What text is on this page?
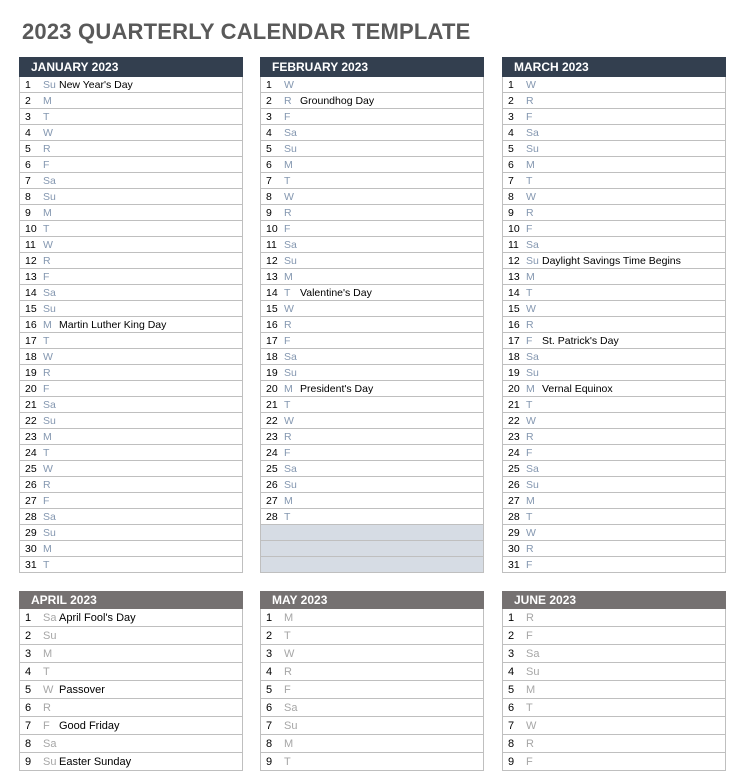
2023 QUARTERLY CALENDAR TEMPLATE
JANUARY 2023
1	Su New Year's Day
2	M
3	T
4	W
5	R
6	F
7	Sa
8	Su
9	M
10 T
11 W
12 R
13 F
14 Sa
15 Su
16 M Martin Luther King Day
17 T
18 W
19 R
20 F
21 Sa
22 Su
23 M
24 T
25 W
26 R
27 F
28 Sa
29 Su
30 M
31 T
FEBRUARY 2023
1	W
2	R Groundhog Day
3	F
4	Sa
5	Su
6	M
7	T
8	W
9	R
10 F
11 Sa
12 Su
13 M
14 T Valentine's Day
15 W
16 R
17 F
18 Sa
19 Su
20 M President's Day
21 T
22 W
23 R
24 F
25 Sa
26 Su
27 M
28 T
MARCH 2023
1	W
2	R
3	F
4	Sa
5	Su
6	M
7	T
8	W
9	R
10 F
11 Sa
12 Su Daylight Savings Time Begins
13 M
14 T
15 W
16 R
17 F St. Patrick's Day
18 Sa
19 Su
20 M Vernal Equinox
21 T
22 W
23 R
24 F
25 Sa
26 Su
27 M
28 T
29 W
30 R
31 F
APRIL 2023
1	Sa April Fool's Day
2	Su
3	M
4	T
5	W Passover
6	R
7	F Good Friday
8	Sa
9	Su Easter Sunday
MAY 2023
1	M
2	T
3	W
4	R
5	F
6	Sa
7	Su
8	M
9	T
JUNE 2023
1	R
2	F
3	Sa
4	Su
5	M
6	T
7	W
8	R
9	F
